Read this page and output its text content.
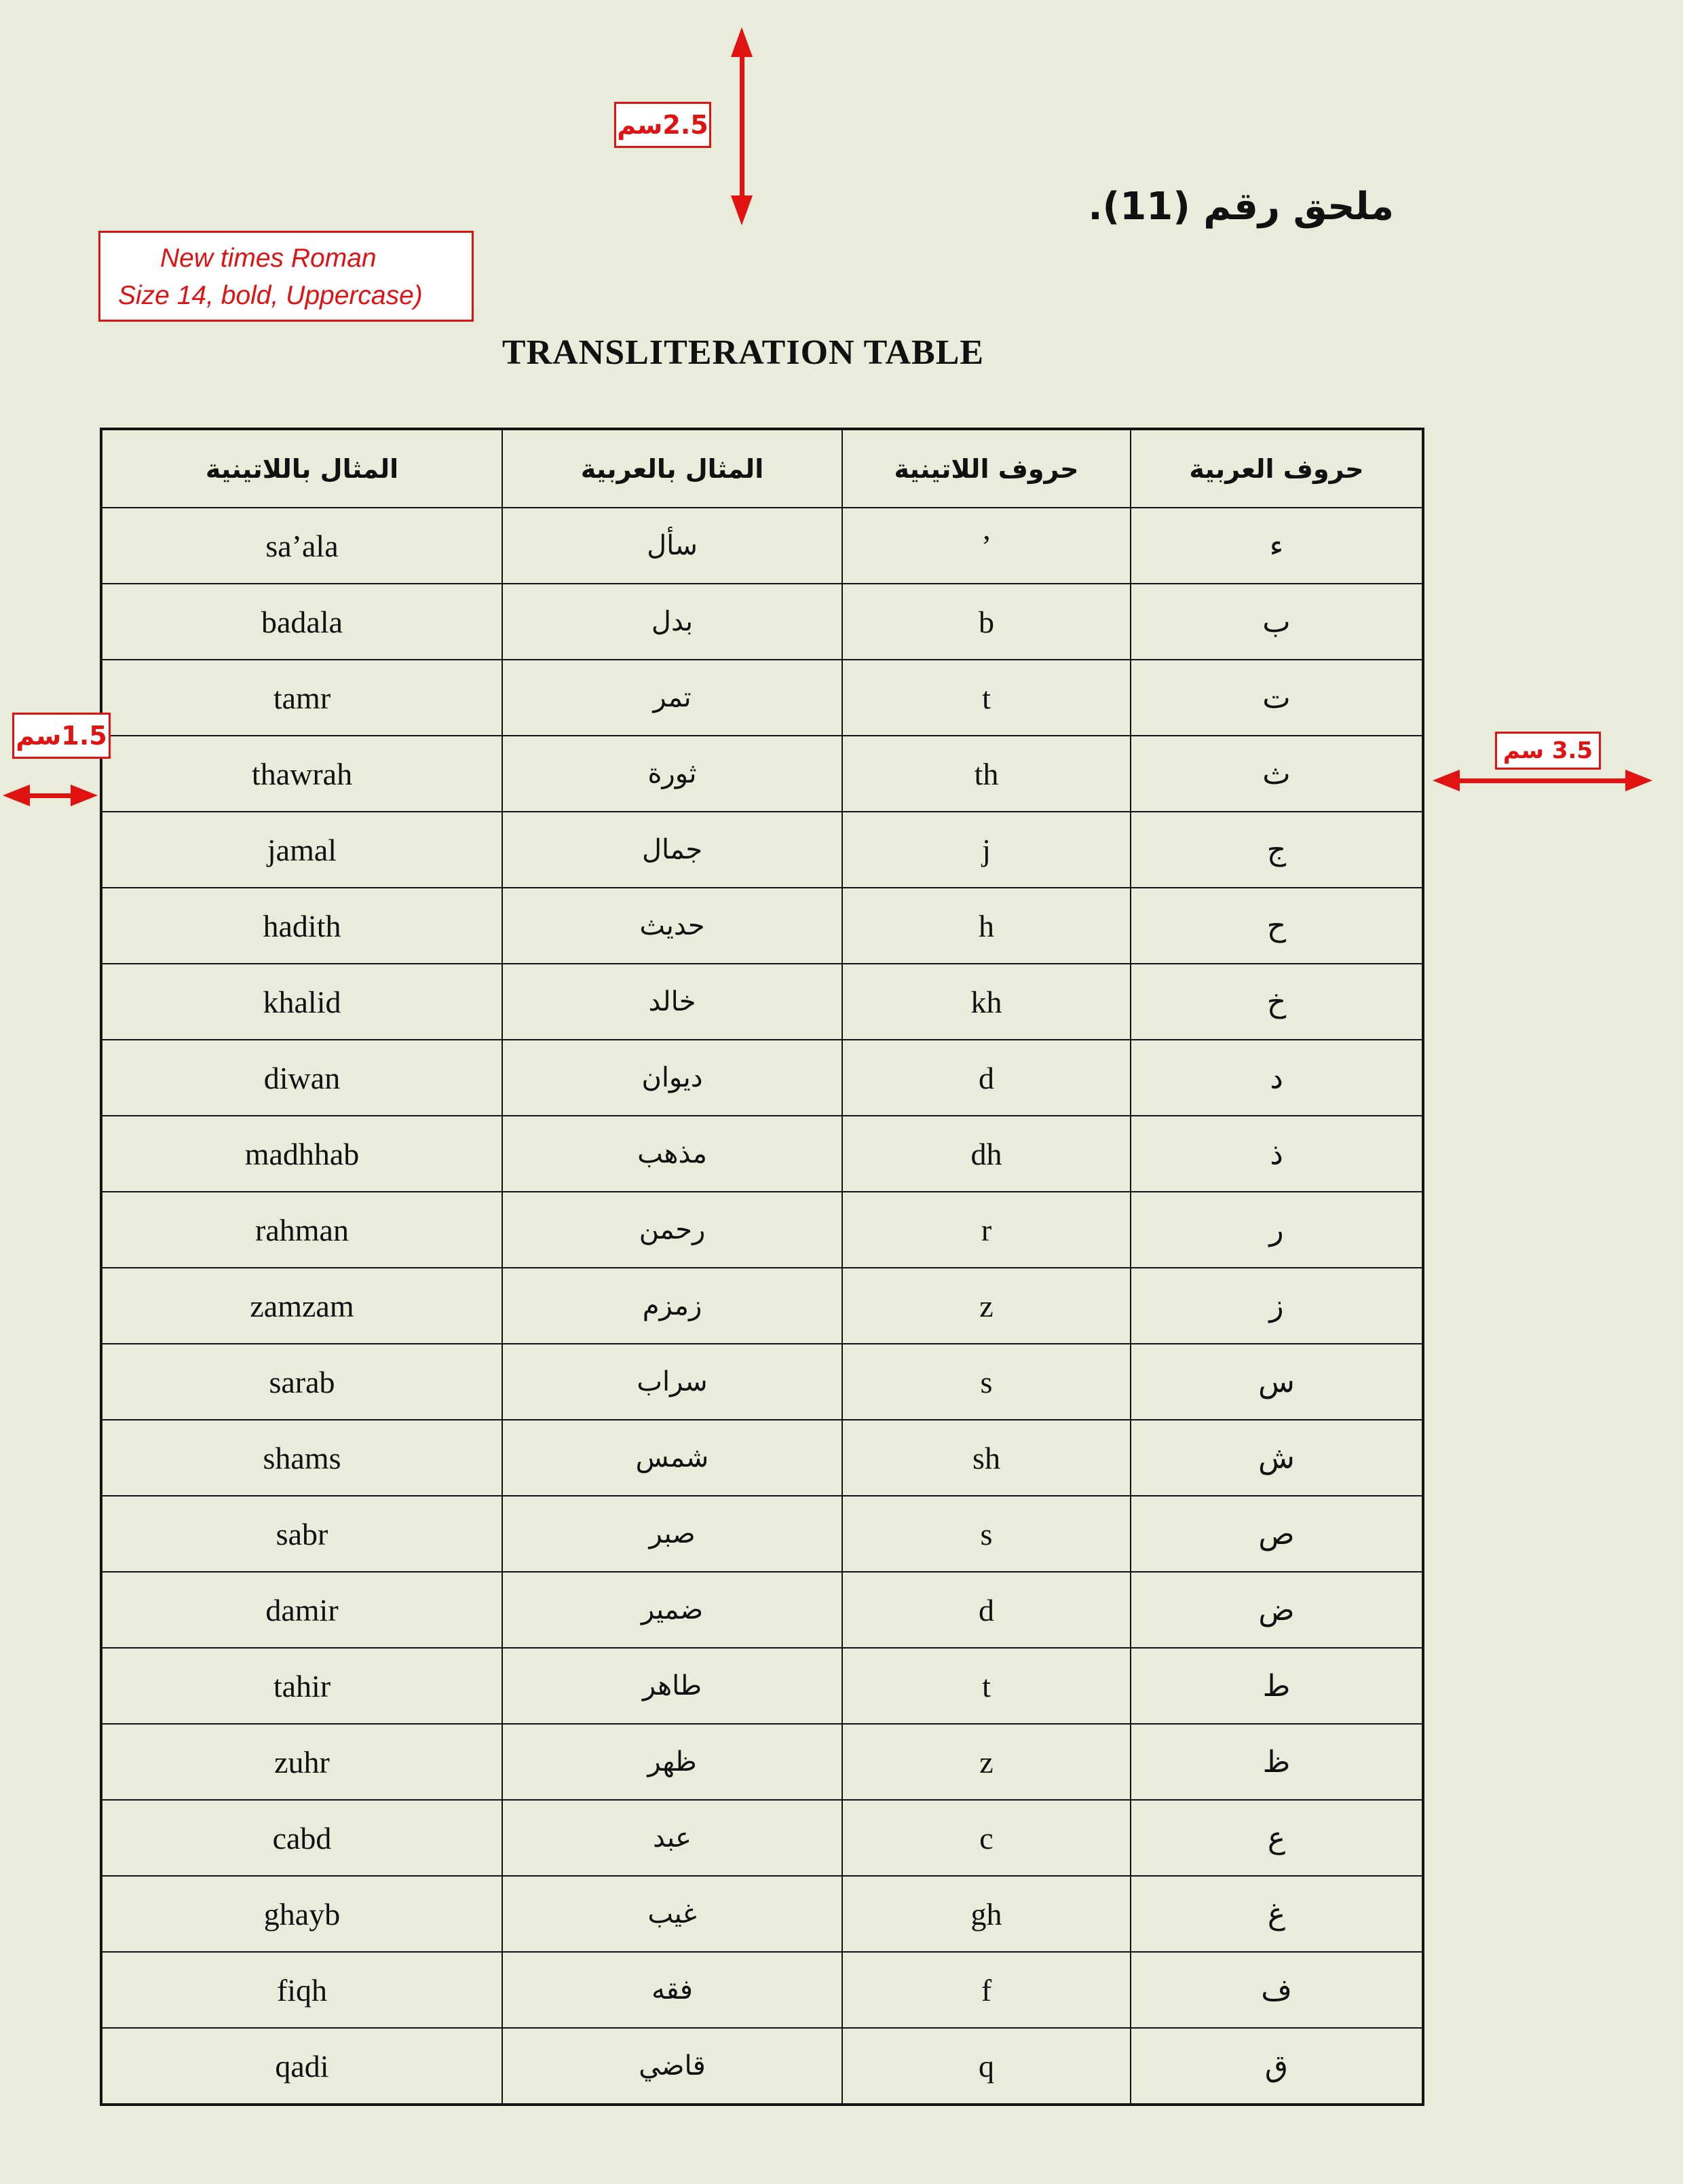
2.5سم
ملحق رقم (11).
New times Roman
Size 14, bold, Uppercase)
TRANSLITERATION TABLE
المثال باللاتينية	المثال بالعربية	حروف اللاتينية	حروف العربية
sa’ala	سأل	’	ء
badala	بدل	b	ب
tamr	تمر	t	ت
thawrah	ثورة	th	ث
jamal	جمال	j	ج
hadith	حديث	h	ح
khalid	خالد	kh	خ
diwan	ديوان	d	د
madhhab	مذهب	dh	ذ
rahman	رحمن	r	ر
zamzam	زمزم	z	ز
sarab	سراب	s	س
shams	شمس	sh	ش
sabr	صبر	s	ص
damir	ضمير	d	ض
tahir	طاهر	t	ط
zuhr	ظهر	z	ظ
cabd	عبد	c	ع
ghayb	غيب	gh	غ
fiqh	فقه	f	ف
qadi	قاضي	q	ق
1.5سم	3.5 سم
